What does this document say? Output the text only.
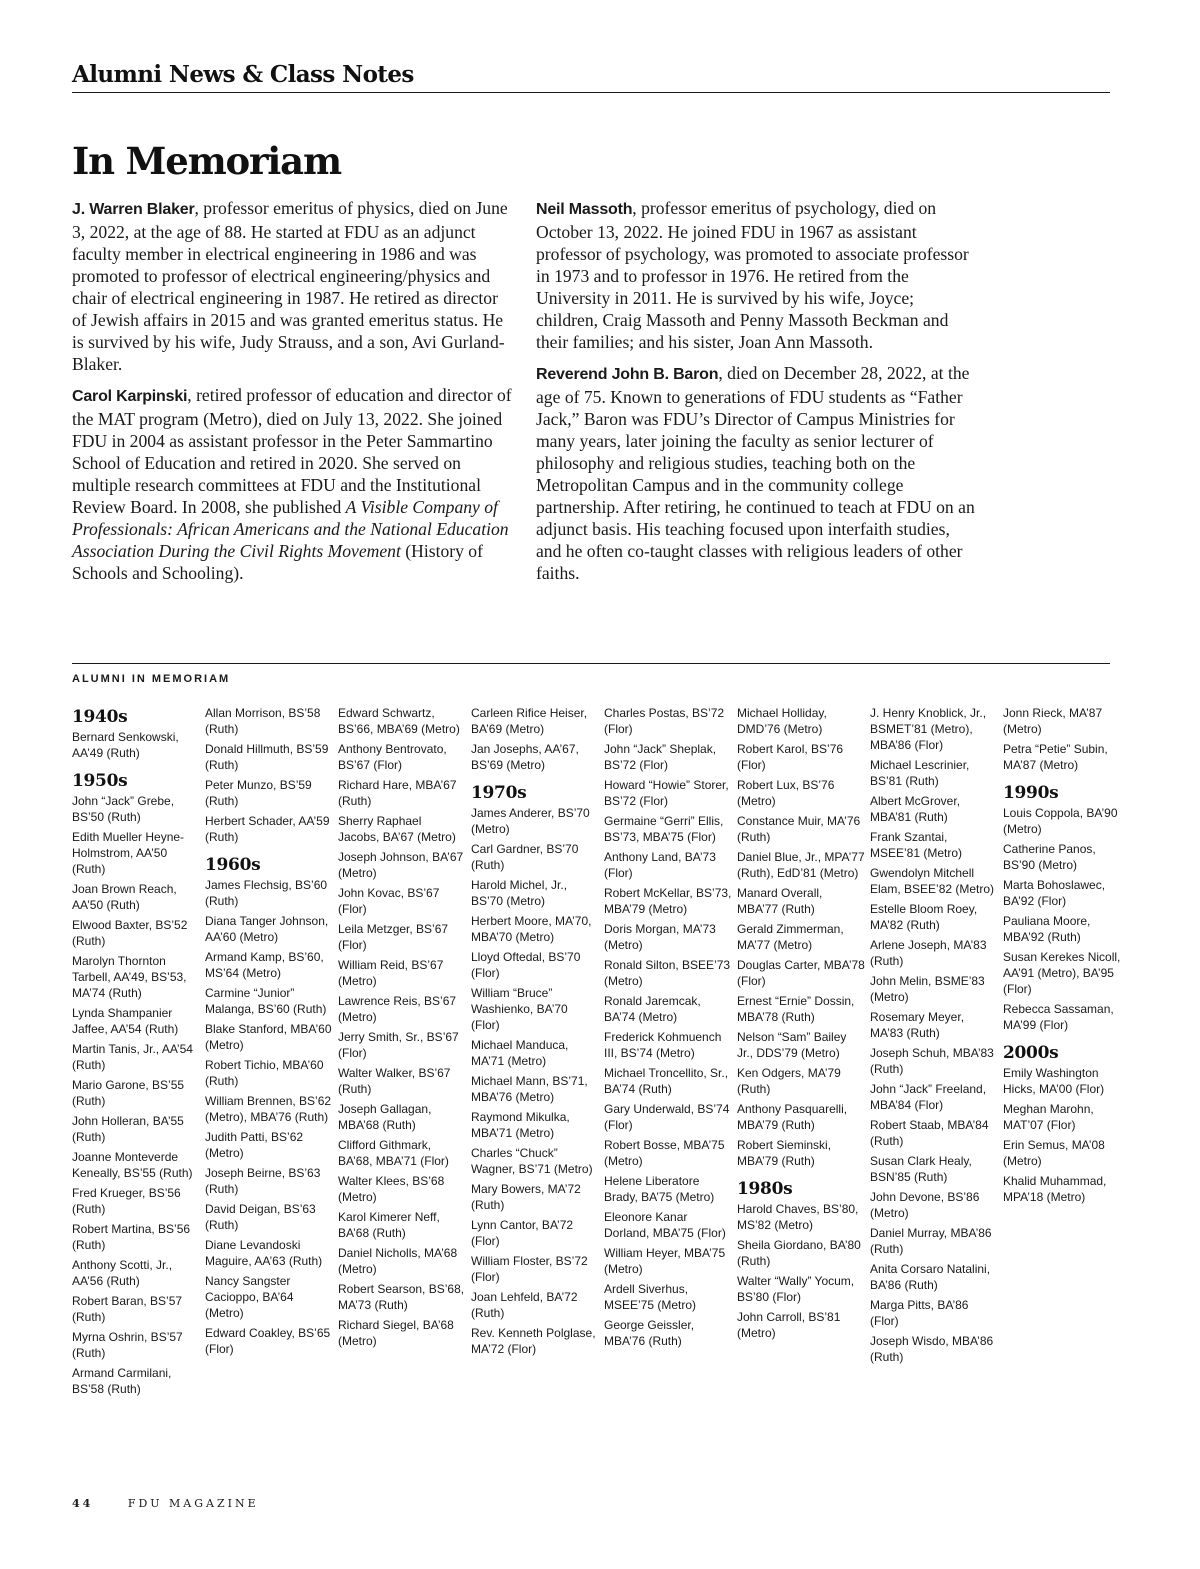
Alumni News & Class Notes
In Memoriam

J. Warren Blaker, professor emeritus of physics, died on June 3, 2022, at the age of 88. He started at FDU as an adjunct faculty member in electrical engineering in 1986 and was promoted to professor of electrical engineering/physics and chair of electrical engineering in 1987. He retired as director of Jewish affairs in 2015 and was granted emeritus status. He is survived by his wife, Judy Strauss, and a son, Avi Gurland-Blaker.

Carol Karpinski, retired professor of education and director of the MAT program (Metro), died on July 13, 2022. She joined FDU in 2004 as assistant professor in the Peter Sammartino School of Education and retired in 2020. She served on multiple research committees at FDU and the Institutional Review Board. In 2008, she published A Visible Company of Professionals: African Americans and the National Education Association During the Civil Rights Movement (History of Schools and Schooling).

Neil Massoth, professor emeritus of psychology, died on October 13, 2022. He joined FDU in 1967 as assistant professor of psychology, was promoted to associate professor in 1973 and to professor in 1976. He retired from the University in 2011. He is survived by his wife, Joyce; children, Craig Massoth and Penny Massoth Beckman and their families; and his sister, Joan Ann Massoth.

Reverend John B. Baron, died on December 28, 2022, at the age of 75. Known to generations of FDU students as “Father Jack,” Baron was FDU’s Director of Campus Ministries for many years, later joining the faculty as senior lecturer of philosophy and religious studies, teaching both on the Metropolitan Campus and in the community college partnership. After retiring, he continued to teach at FDU on an adjunct basis. His teaching focused upon interfaith studies, and he often co-taught classes with religious leaders of other faiths.

ALUMNI IN MEMORIAM
1940s
Bernard Senkowski, AA’49 (Ruth)
1950s
John “Jack” Grebe, BS’50 (Ruth)
Edith Mueller Heyne-Holmstrom, AA’50 (Ruth)
Joan Brown Reach, AA’50 (Ruth)
Elwood Baxter, BS’52 (Ruth)
Marolyn Thornton Tarbell, AA’49, BS’53, MA’74 (Ruth)
Lynda Shampanier Jaffee, AA’54 (Ruth)
Martin Tanis, Jr., AA’54 (Ruth)
Mario Garone, BS’55 (Ruth)
John Holleran, BA’55 (Ruth)
Joanne Monteverde Keneally, BS’55 (Ruth)
Fred Krueger, BS’56 (Ruth)
Robert Martina, BS’56 (Ruth)
Anthony Scotti, Jr., AA’56 (Ruth)
Robert Baran, BS’57 (Ruth)
Myrna Oshrin, BS’57 (Ruth)
Armand Carmilani, BS’58 (Ruth)
Allan Morrison, BS’58 (Ruth)
Donald Hillmuth, BS’59 (Ruth)
Peter Munzo, BS’59 (Ruth)
Herbert Schader, AA’59 (Ruth)
1960s
James Flechsig, BS’60 (Ruth)
Diana Tanger Johnson, AA’60 (Metro)
Armand Kamp, BS’60, MS’64 (Metro)
Carmine “Junior” Malanga, BS’60 (Ruth)
Blake Stanford, MBA’60 (Metro)
Robert Tichio, MBA’60 (Ruth)
William Brennen, BS’62 (Metro), MBA’76 (Ruth)
Judith Patti, BS’62 (Metro)
Joseph Beirne, BS’63 (Ruth)
David Deigan, BS’63 (Ruth)
Diane Levandoski Maguire, AA’63 (Ruth)
Nancy Sangster Cacioppo, BA’64 (Metro)
Edward Coakley, BS’65 (Flor)
Edward Schwartz, BS’66, MBA’69 (Metro)
Anthony Bentrovato, BS’67 (Flor)
Richard Hare, MBA’67 (Ruth)
Sherry Raphael Jacobs, BA’67 (Metro)
Joseph Johnson, BA’67 (Metro)
John Kovac, BS’67 (Flor)
Leila Metzger, BS’67 (Flor)
William Reid, BS’67 (Metro)
Lawrence Reis, BS’67 (Metro)
Jerry Smith, Sr., BS’67 (Flor)
Walter Walker, BS’67 (Ruth)
Joseph Gallagan, MBA’68 (Ruth)
Clifford Githmark, BA’68, MBA’71 (Flor)
Walter Klees, BS’68 (Metro)
Karol Kimerer Neff, BA’68 (Ruth)
Daniel Nicholls, MA’68 (Metro)
Robert Searson, BS’68, MA’73 (Ruth)
Richard Siegel, BA’68 (Metro)
Carleen Rifice Heiser, BA’69 (Metro)
Jan Josephs, AA’67, BS’69 (Metro)
1970s
James Anderer, BS’70 (Metro)
Carl Gardner, BS’70 (Ruth)
Harold Michel, Jr., BS’70 (Metro)
Herbert Moore, MA’70, MBA’70 (Metro)
Lloyd Oftedal, BS’70 (Flor)
William “Bruce” Washienko, BA’70 (Flor)
Michael Manduca, MA’71 (Metro)
Michael Mann, BS’71, MBA’76 (Metro)
Raymond Mikulka, MBA’71 (Metro)
Charles “Chuck” Wagner, BS’71 (Metro)
Mary Bowers, MA’72 (Ruth)
Lynn Cantor, BA’72 (Flor)
William Floster, BS’72 (Flor)
Joan Lehfeld, BA’72 (Ruth)
Rev. Kenneth Polglase, MA’72 (Flor)
Charles Postas, BS’72 (Flor)
John “Jack” Sheplak, BS’72 (Flor)
Howard “Howie” Storer, BS’72 (Flor)
Germaine “Gerri” Ellis, BS’73, MBA’75 (Flor)
Anthony Land, BA’73 (Flor)
Robert McKellar, BS’73, MBA’79 (Metro)
Doris Morgan, MA’73 (Metro)
Ronald Silton, BSEE’73 (Metro)
Ronald Jaremcak, BA’74 (Metro)
Frederick Kohmuench III, BS’74 (Metro)
Michael Troncellito, Sr., BA’74 (Ruth)
Gary Underwald, BS’74 (Flor)
Robert Bosse, MBA’75 (Metro)
Helene Liberatore Brady, BA’75 (Metro)
Eleonore Kanar Dorland, MBA’75 (Flor)
William Heyer, MBA’75 (Metro)
Ardell Siverhus, MSEE’75 (Metro)
George Geissler, MBA’76 (Ruth)
Michael Holliday, DMD’76 (Metro)
Robert Karol, BS’76 (Flor)
Robert Lux, BS’76 (Metro)
Constance Muir, MA’76 (Ruth)
Daniel Blue, Jr., MPA’77 (Ruth), EdD’81 (Metro)
Manard Overall, MBA’77 (Ruth)
Gerald Zimmerman, MA’77 (Metro)
Douglas Carter, MBA’78 (Flor)
Ernest “Ernie” Dossin, MBA’78 (Ruth)
Nelson “Sam” Bailey Jr., DDS’79 (Metro)
Ken Odgers, MA’79 (Ruth)
Anthony Pasquarelli, MBA’79 (Ruth)
Robert Sieminski, MBA’79 (Ruth)
1980s
Harold Chaves, BS’80, MS’82 (Metro)
Sheila Giordano, BA’80 (Ruth)
Walter “Wally” Yocum, BS’80 (Flor)
John Carroll, BS’81 (Metro)
J. Henry Knoblick, Jr., BSMET’81 (Metro), MBA’86 (Flor)
Michael Lescrinier, BS’81 (Ruth)
Albert McGrover, MBA’81 (Ruth)
Frank Szantai, MSEE’81 (Metro)
Gwendolyn Mitchell Elam, BSEE’82 (Metro)
Estelle Bloom Roey, MA’82 (Ruth)
Arlene Joseph, MA’83 (Ruth)
John Melin, BSME’83 (Metro)
Rosemary Meyer, MA’83 (Ruth)
Joseph Schuh, MBA’83 (Ruth)
John “Jack” Freeland, MBA’84 (Flor)
Robert Staab, MBA’84 (Ruth)
Susan Clark Healy, BSN’85 (Ruth)
John Devone, BS’86 (Metro)
Daniel Murray, MBA’86 (Ruth)
Anita Corsaro Natalini, BA’86 (Ruth)
Marga Pitts, BA’86 (Flor)
Joseph Wisdo, MBA’86 (Ruth)
Jonn Rieck, MA’87 (Metro)
Petra “Petie” Subin, MA’87 (Metro)
1990s
Louis Coppola, BA’90 (Metro)
Catherine Panos, BS’90 (Metro)
Marta Bohoslawec, BA’92 (Flor)
Pauliana Moore, MBA’92 (Ruth)
Susan Kerekes Nicoll, AA’91 (Metro), BA’95 (Flor)
Rebecca Sassaman, MA’99 (Flor)
2000s
Emily Washington Hicks, MA’00 (Flor)
Meghan Marohn, MAT’07 (Flor)
Erin Semus, MA’08 (Metro)
Khalid Muhammad, MPA’18 (Metro)
44	FDU MAGAZINE
